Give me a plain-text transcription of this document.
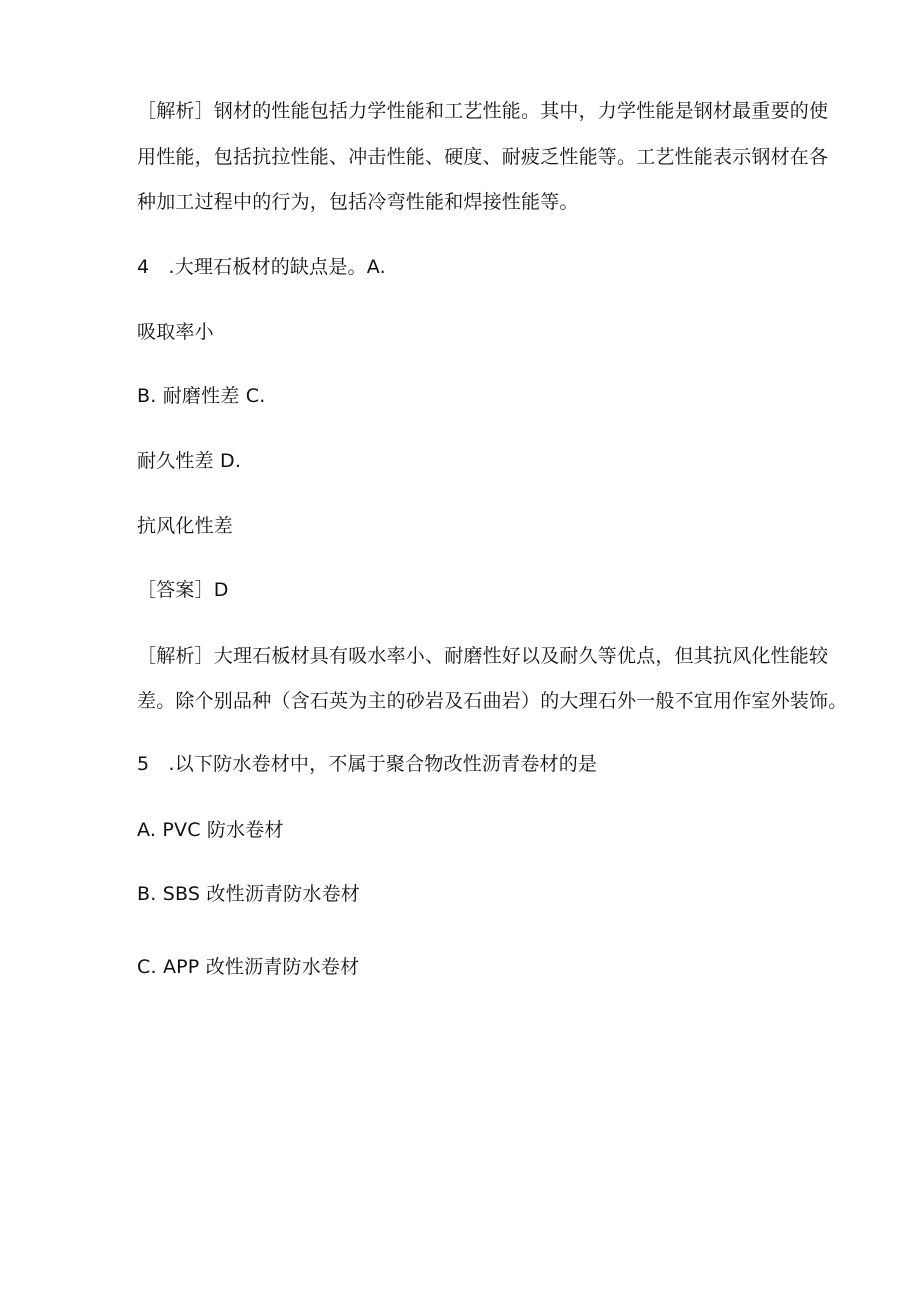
［解析］钢材的性能包括力学性能和工艺性能。其中，力学性能是钢材最重要的使
用性能，包括抗拉性能、冲击性能、硬度、耐疲乏性能等。工艺性能表示钢材在各
种加工过程中的行为，包括冷弯性能和焊接性能等。
4　.大理石板材的缺点是。A.
吸取率小
B. 耐磨性差 C.
耐久性差 D.
抗风化性差
［答案］D
［解析］大理石板材具有吸水率小、耐磨性好以及耐久等优点，但其抗风化性能较
差。除个别品种（含石英为主的砂岩及石曲岩）的大理石外一般不宜用作室外装饰。
5　.以下防水卷材中，不属于聚合物改性沥青卷材的是
A. PVC 防水卷材
B. SBS 改性沥青防水卷材
C. APP 改性沥青防水卷材
